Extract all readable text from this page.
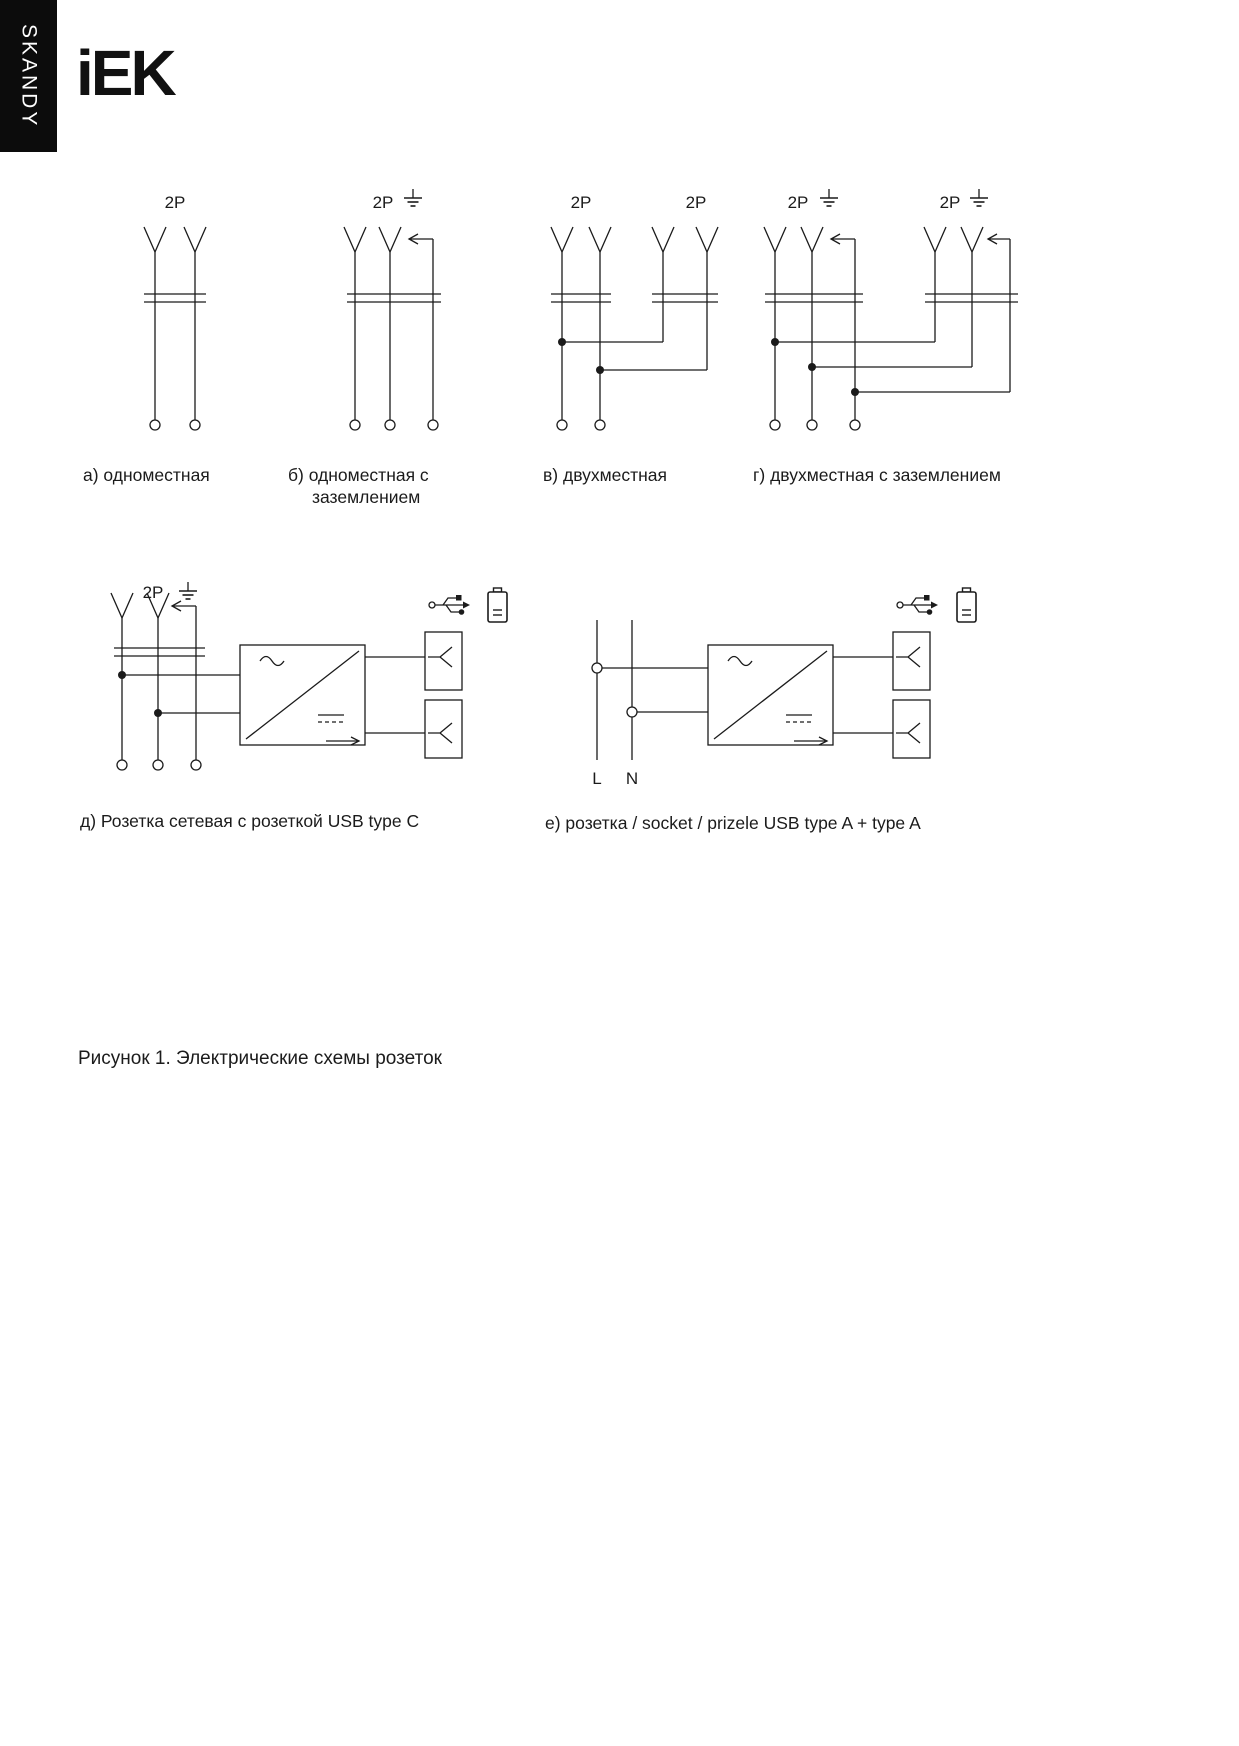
SKANDY iEK
2P	2P	2P	2P	2P	2P
2P
L N
а) одноместная	б) одноместная с
заземлением
в) двухместная	г) двухместная с заземлением
д) Розетка сетевая с розеткой USB type C	е) розетка / socket / prizele USB type A + type A
Рисунок 1. Электрические схемы розеток
